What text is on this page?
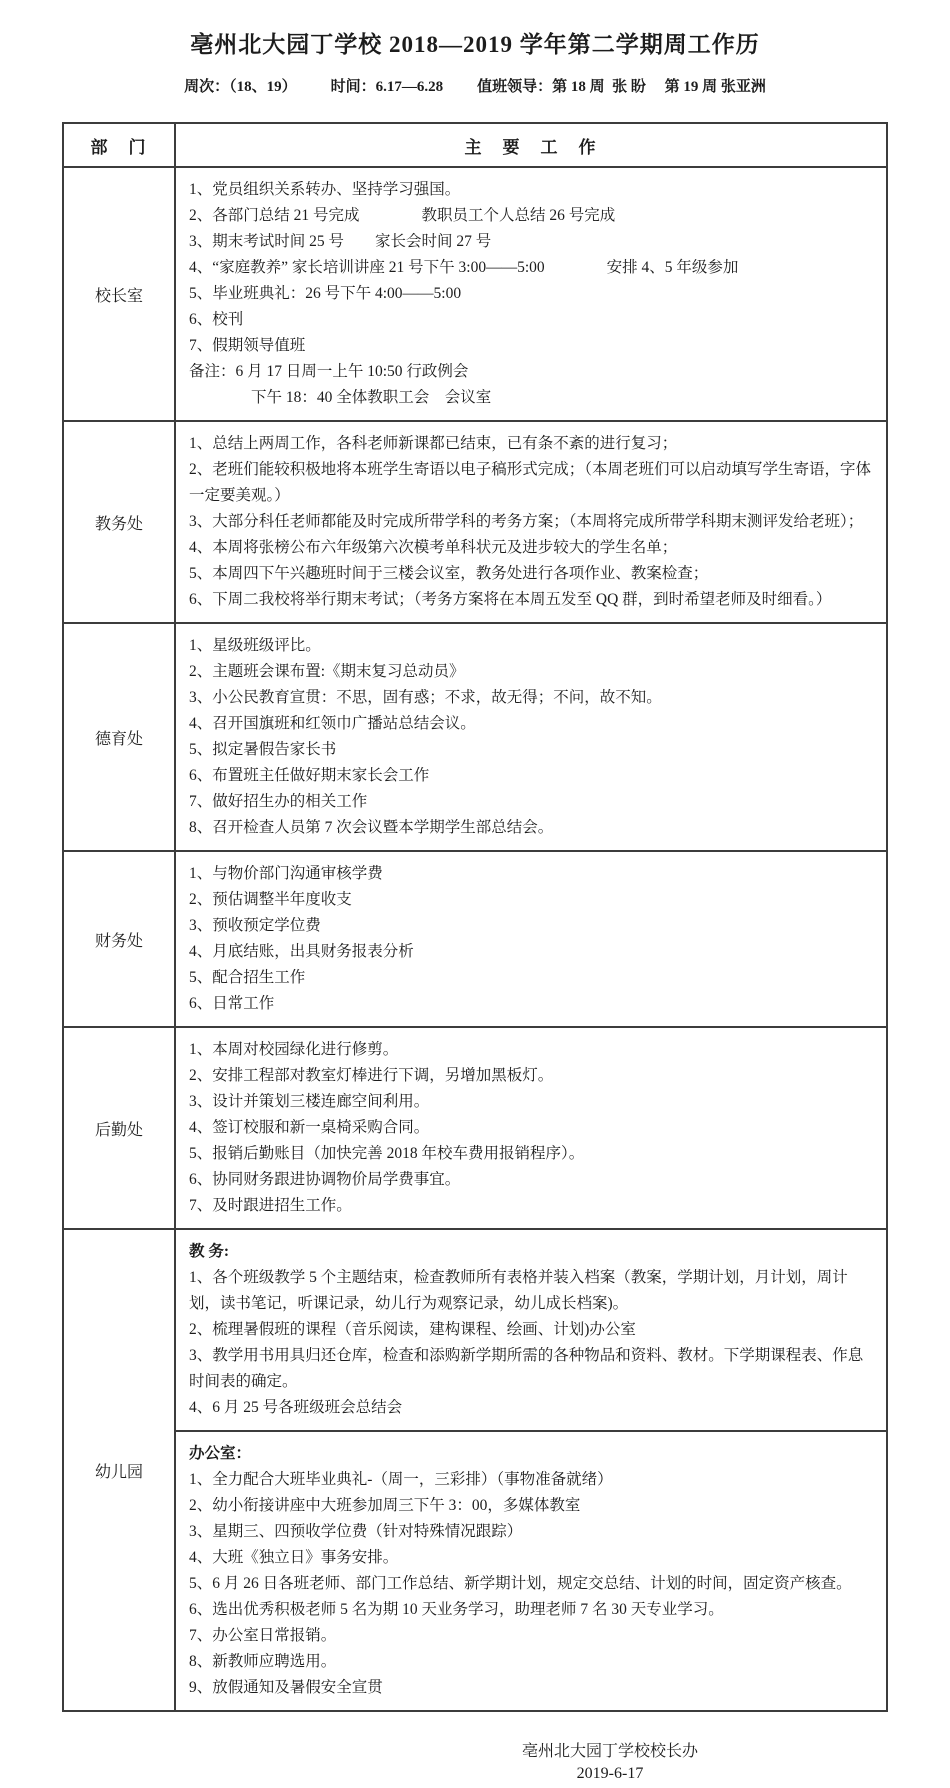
亳州北大园丁学校 2018—2019 学年第二学期周工作历
周次：（18、19） 时间：6.17—6.28 值班领导：第 18 周  张 盼　 第 19 周 张亚洲
部　门	主　要　工　作
校长室	
1、党员组织关系转办、坚持学习强国。
2、各部门总结 21 号完成　　　　教职员工个人总结 26 号完成
3、期末考试时间 25 号　　家长会时间 27 号
4、“家庭教养” 家长培训讲座 21 号下午 3:00——5:00　　　　安排 4、5 年级参加
5、毕业班典礼：26 号下午 4:00——5:00
6、校刊
7、假期领导值班
备注：6 月 17 日周一上午 10:50 行政例会
　　　　下午 18：40 全体教职工会　会议室

教务处	
1、总结上两周工作，各科老师新课都已结束，已有条不紊的进行复习；
2、老班们能较积极地将本班学生寄语以电子稿形式完成；（本周老班们可以启动填写学生寄语，字体一定要美观。）
3、大部分科任老师都能及时完成所带学科的考务方案；（本周将完成所带学科期末测评发给老班）；
4、本周将张榜公布六年级第六次模考单科状元及进步较大的学生名单；
5、本周四下午兴趣班时间于三楼会议室，教务处进行各项作业、教案检查；
6、下周二我校将举行期末考试；（考务方案将在本周五发至 QQ 群，到时希望老师及时细看。）

德育处	
1、星级班级评比。
2、主题班会课布置:《期末复习总动员》
3、小公民教育宣贯：不思，固有惑；不求，故无得；不问，故不知。
4、召开国旗班和红领巾广播站总结会议。
5、拟定暑假告家长书
6、布置班主任做好期末家长会工作
7、做好招生办的相关工作
8、召开检查人员第 7 次会议暨本学期学生部总结会。

财务处	
1、与物价部门沟通审核学费
2、预估调整半年度收支
3、预收预定学位费
4、月底结账，出具财务报表分析
5、配合招生工作
6、日常工作

后勤处	
1、本周对校园绿化进行修剪。
2、安排工程部对教室灯棒进行下调，另增加黑板灯。
3、设计并策划三楼连廊空间利用。
4、签订校服和新一桌椅采购合同。
5、报销后勤账目（加快完善 2018 年校车费用报销程序）。
6、协同财务跟进协调物价局学费事宜。
7、及时跟进招生工作。

幼儿园	教 务:
1、各个班级教学 5 个主题结束，检查教师所有表格并装入档案（教案，学期计划，月计划，周计划，读书笔记，听课记录，幼儿行为观察记录，幼儿成长档案)。
2、梳理暑假班的课程（音乐阅读，建构课程、绘画、计划)办公室
3、教学用书用具归还仓库，检查和添购新学期所需的各种物品和资料、教材。下学期课程表、作息时间表的确定。
4、6 月 25 号各班级班会总结会

办公室：
1、全力配合大班毕业典礼-（周一，三彩排）（事物准备就绪）
2、幼小衔接讲座中大班参加周三下午 3：00，多媒体教室
3、星期三、四预收学位费（针对特殊情况跟踪）
4、大班《独立日》事务安排。
5、6 月 26 日各班老师、部门工作总结、新学期计划，规定交总结、计划的时间，固定资产核查。
6、选出优秀积极老师 5 名为期 10 天业务学习，助理老师 7 名 30 天专业学习。
7、办公室日常报销。
8、新教师应聘选用。
9、放假通知及暑假安全宣贯
亳州北大园丁学校校长办
2019-6-17
